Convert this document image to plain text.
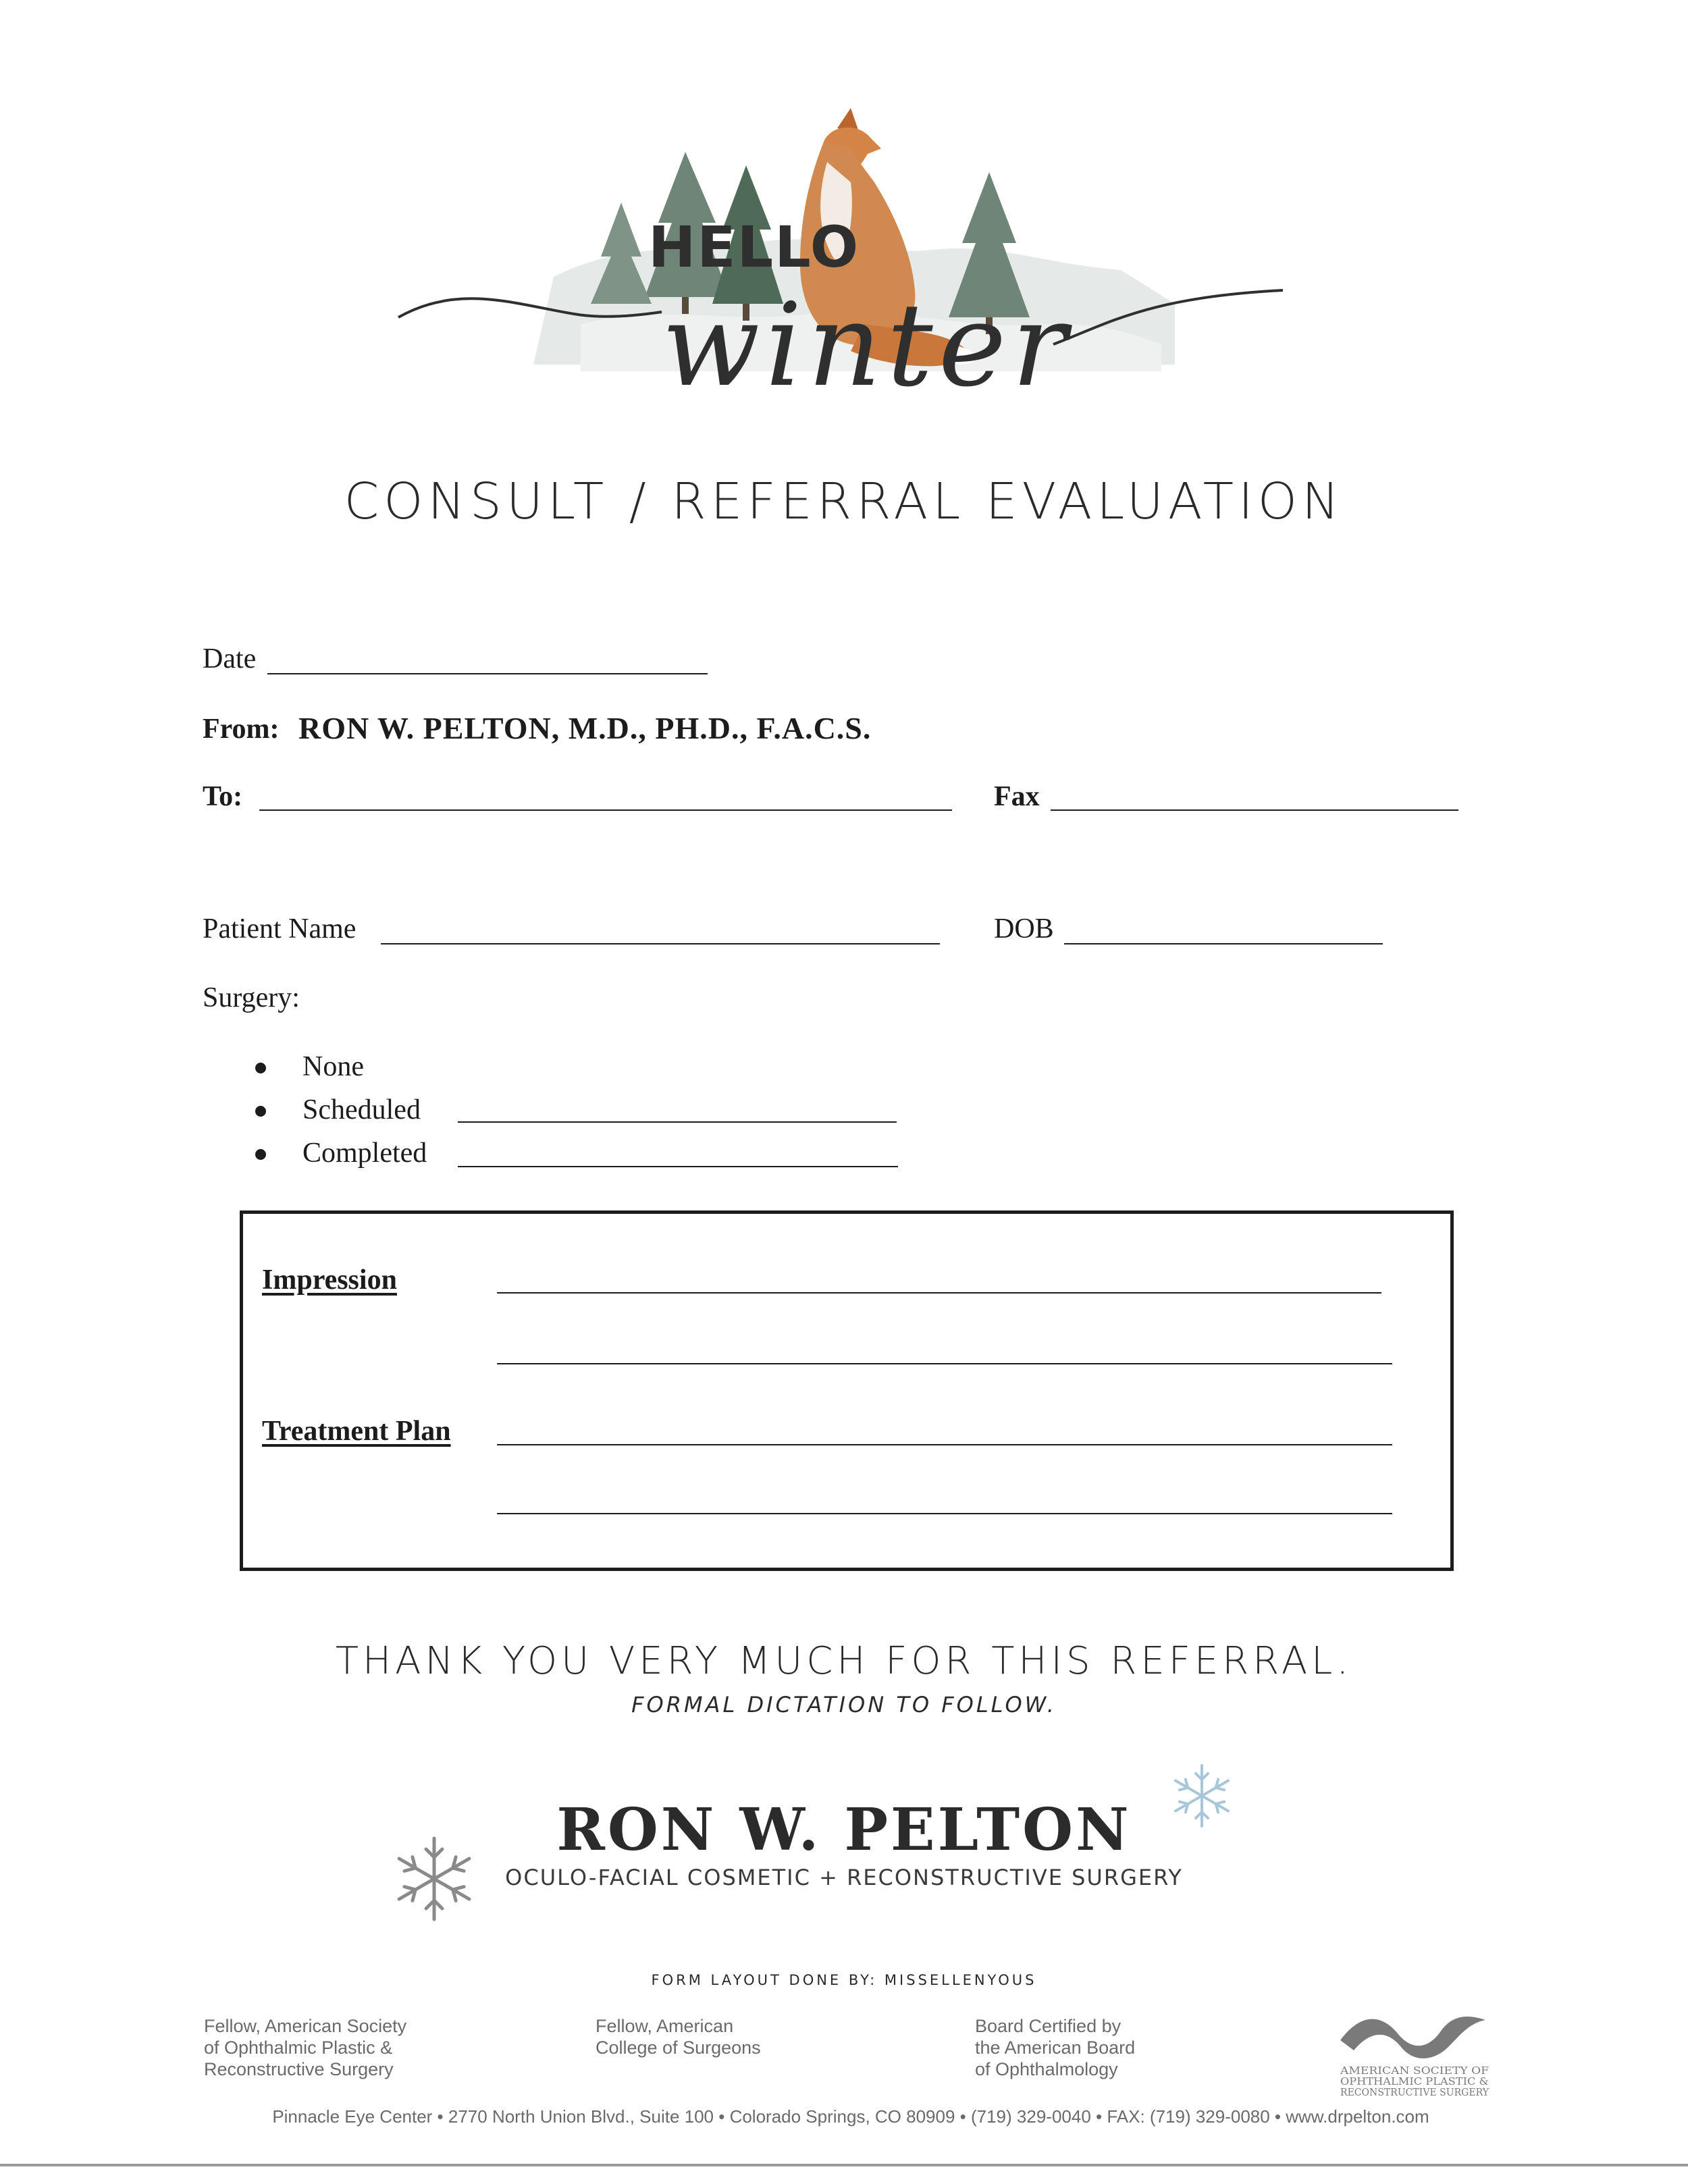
HELLO
winter
CONSULT / REFERRAL EVALUATION
Date
From: RON W. PELTON, M.D., PH.D., F.A.C.S.
To:	Fax
Patient Name	DOB
Surgery:
None
Scheduled
Completed
Impression
Treatment Plan
THANK YOU VERY MUCH FOR THIS REFERRAL.
FORMAL DICTATION TO FOLLOW.
RON W. PELTON
OCULO-FACIAL COSMETIC + RECONSTRUCTIVE SURGERY
FORM LAYOUT DONE BY: MISSELLENYOUS
Fellow, American Society
of Ophthalmic Plastic &
Reconstructive Surgery
Fellow, American
College of Surgeons
Board Certified by
the American Board
of Ophthalmology	AMERICAN SOCIETY OF
OPHTHALMIC PLASTIC &
RECONSTRUCTIVE SURGERY
Pinnacle Eye Center • 2770 North Union Blvd., Suite 100 • Colorado Springs, CO 80909 • (719) 329-0040 • FAX: (719) 329-0080 • www.drpelton.com
